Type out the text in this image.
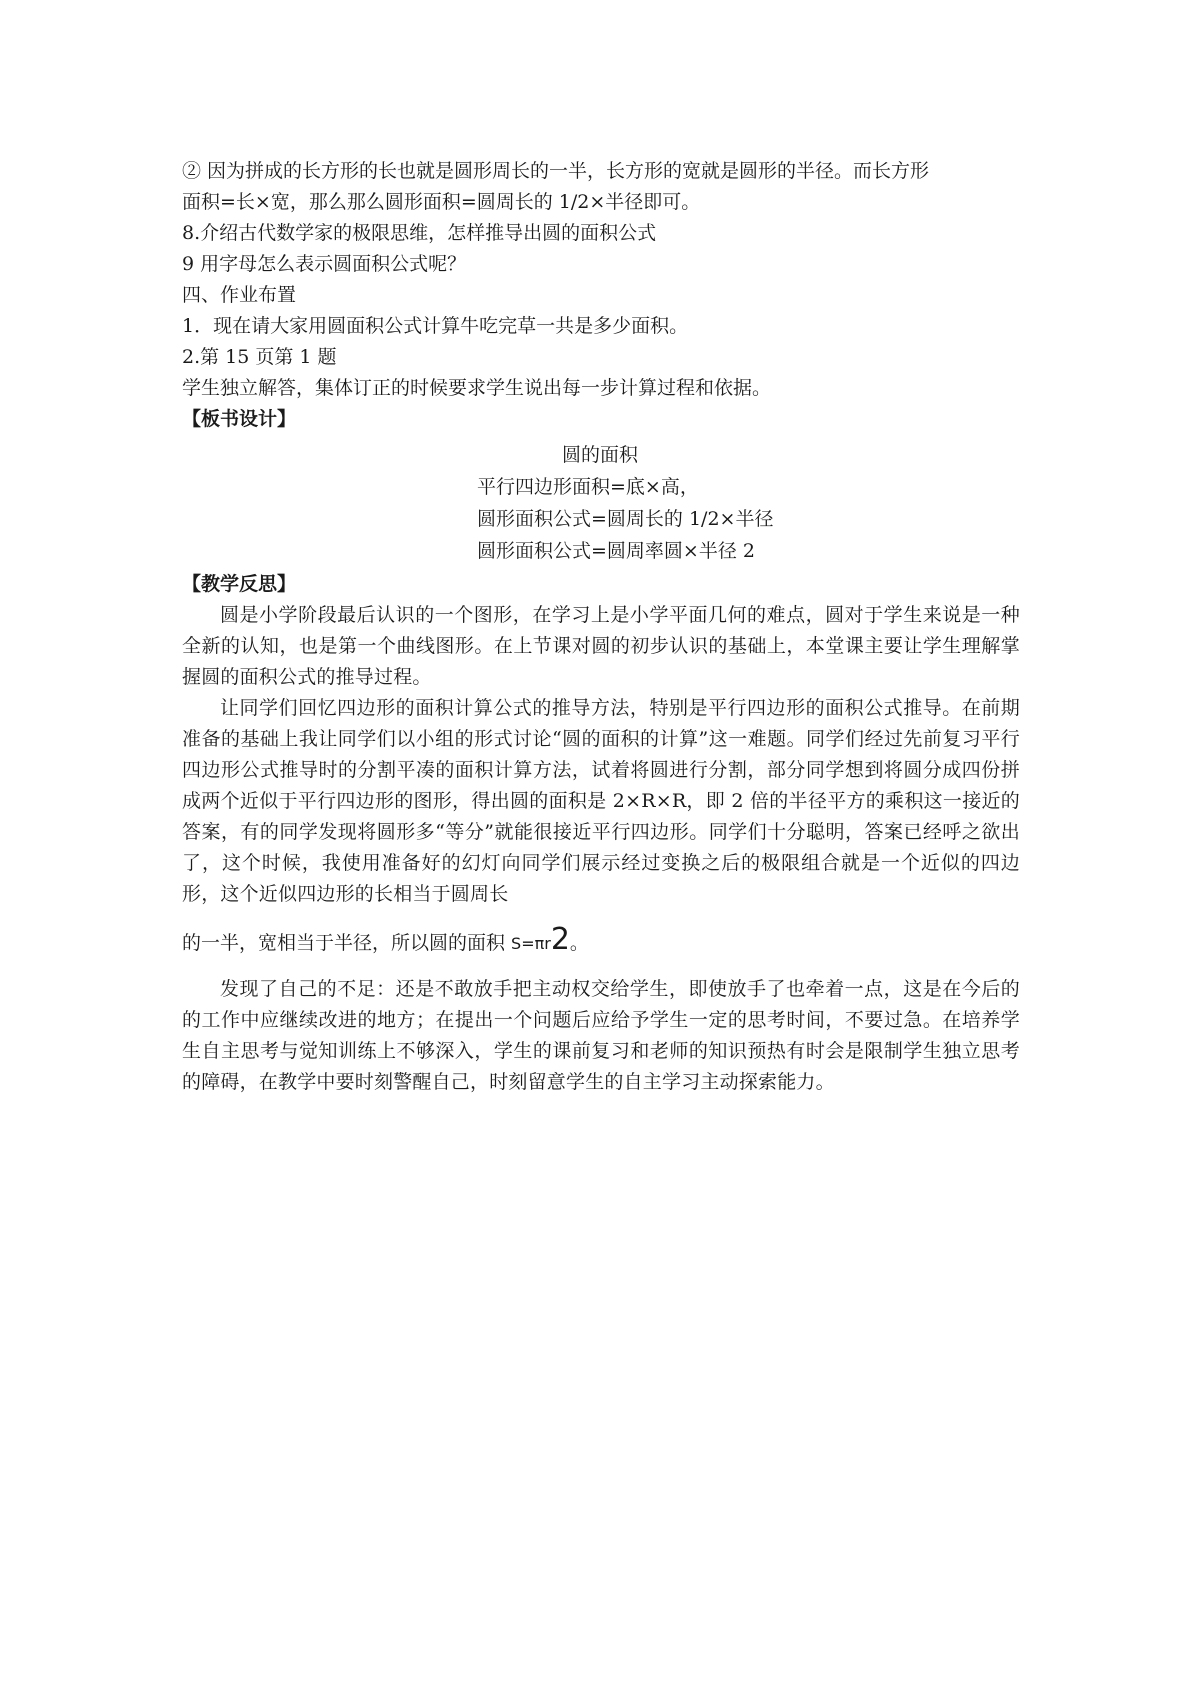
② 因为拼成的长方形的长也就是圆形周长的一半，长方形的宽就是圆形的半径。而长方形

面积=长×宽，那么那么圆形面积=圆周长的 1/2×半径即可。

8.介绍古代数学家的极限思维，怎样推导出圆的面积公式

9 用字母怎么表示圆面积公式呢？

四、作业布置

1．现在请大家用圆面积公式计算牛吃完草一共是多少面积。

2.第 15 页第 1 题

学生独立解答，集体订正的时候要求学生说出每一步计算过程和依据。

【板书设计】

圆的面积
平行四边形面积=底×高，
圆形面积公式=圆周长的 1/2×半径
圆形面积公式=圆周率圆×半径 2

【教学反思】

圆是小学阶段最后认识的一个图形，在学习上是小学平面几何的难点，圆对于学生来说是一种全新的认知，也是第一个曲线图形。在上节课对圆的初步认识的基础上，本堂课主要让学生理解掌握圆的面积公式的推导过程。

让同学们回忆四边形的面积计算公式的推导方法，特别是平行四边形的面积公式推导。在前期准备的基础上我让同学们以小组的形式讨论“圆的面积的计算”这一难题。同学们经过先前复习平行四边形公式推导时的分割平凑的面积计算方法，试着将圆进行分割，部分同学想到将圆分成四份拼成两个近似于平行四边形的图形，得出圆的面积是 2×R×R，即 2 倍的半径平方的乘积这一接近的答案，有的同学发现将圆形多“等分”就能很接近平行四边形。同学们十分聪明，答案已经呼之欲出了，这个时候，我使用准备好的幻灯向同学们展示经过变换之后的极限组合就是一个近似的四边形，这个近似四边形的长相当于圆周长

的一半，宽相当于半径，所以圆的面积 S=πr2。

发现了自己的不足：还是不敢放手把主动权交给学生，即使放手了也牵着一点，这是在今后的的工作中应继续改进的地方；在提出一个问题后应给予学生一定的思考时间，不要过急。在培养学生自主思考与觉知训练上不够深入，学生的课前复习和老师的知识预热有时会是限制学生独立思考的障碍，在教学中要时刻警醒自己，时刻留意学生的自主学习主动探索能力。
